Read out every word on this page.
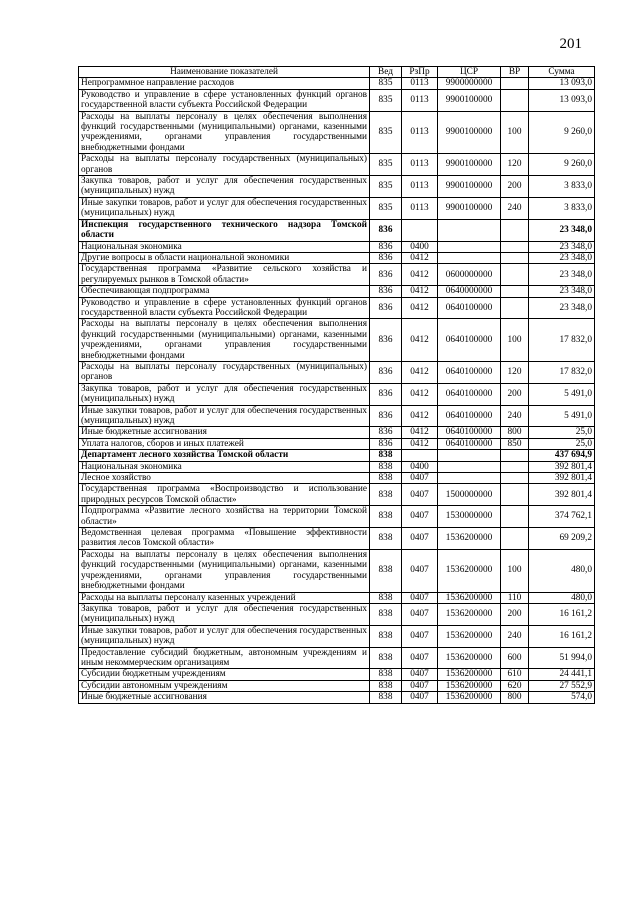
201
Наименование показателей	Вед	РзПр	ЦСР	ВР	Сумма
Непрограммное направление расходов	835	0113	9900000000		13 093,0
Руководство и управление в сфере установленных функций органов государственной власти субъекта Российской Федерации	835	0113	9900100000		13 093,0
Расходы на выплаты персоналу в целях обеспечения выполнения функций государственными (муниципальными) органами, казенными учреждениями, органами управления государственными внебюджетными фондами	835	0113	9900100000	100	9 260,0
Расходы на выплаты персоналу государственных (муниципальных) органов	835	0113	9900100000	120	9 260,0
Закупка товаров, работ и услуг для обеспечения государственных (муниципальных) нужд	835	0113	9900100000	200	3 833,0
Иные закупки товаров, работ и услуг для обеспечения государственных (муниципальных) нужд	835	0113	9900100000	240	3 833,0
Инспекция государственного технического надзора Томской области	836				23 348,0
Национальная экономика	836	0400			23 348,0
Другие вопросы в области национальной экономики	836	0412			23 348,0
Государственная программа «Развитие сельского хозяйства и регулируемых рынков в Томской области»	836	0412	0600000000		23 348,0
Обеспечивающая подпрограмма	836	0412	0640000000		23 348,0
Руководство и управление в сфере установленных функций органов государственной власти субъекта Российской Федерации	836	0412	0640100000		23 348,0
Расходы на выплаты персоналу в целях обеспечения выполнения функций государственными (муниципальными) органами, казенными учреждениями, органами управления государственными внебюджетными фондами	836	0412	0640100000	100	17 832,0
Расходы на выплаты персоналу государственных (муниципальных) органов	836	0412	0640100000	120	17 832,0
Закупка товаров, работ и услуг для обеспечения государственных (муниципальных) нужд	836	0412	0640100000	200	5 491,0
Иные закупки товаров, работ и услуг для обеспечения государственных (муниципальных) нужд	836	0412	0640100000	240	5 491,0
Иные бюджетные ассигнования	836	0412	0640100000	800	25,0
Уплата налогов, сборов и иных платежей	836	0412	0640100000	850	25,0
Департамент лесного хозяйства Томской области	838				437 694,9
Национальная экономика	838	0400			392 801,4
Лесное хозяйство	838	0407			392 801,4
Государственная программа «Воспроизводство и использование природных ресурсов Томской области»	838	0407	1500000000		392 801,4
Подпрограмма «Развитие лесного хозяйства на территории Томской области»	838	0407	1530000000		374 762,1
Ведомственная целевая программа «Повышение эффективности развития лесов Томской области»	838	0407	1536200000		69 209,2
Расходы на выплаты персоналу в целях обеспечения выполнения функций государственными (муниципальными) органами, казенными учреждениями, органами управления государственными внебюджетными фондами	838	0407	1536200000	100	480,0
Расходы на выплаты персоналу казенных учреждений	838	0407	1536200000	110	480,0
Закупка товаров, работ и услуг для обеспечения государственных (муниципальных) нужд	838	0407	1536200000	200	16 161,2
Иные закупки товаров, работ и услуг для обеспечения государственных (муниципальных) нужд	838	0407	1536200000	240	16 161,2
Предоставление субсидий бюджетным, автономным учреждениям и иным некоммерческим организациям	838	0407	1536200000	600	51 994,0
Субсидии бюджетным учреждениям	838	0407	1536200000	610	24 441,1
Субсидии автономным учреждениям	838	0407	1536200000	620	27 552,9
Иные бюджетные ассигнования	838	0407	1536200000	800	574,0
